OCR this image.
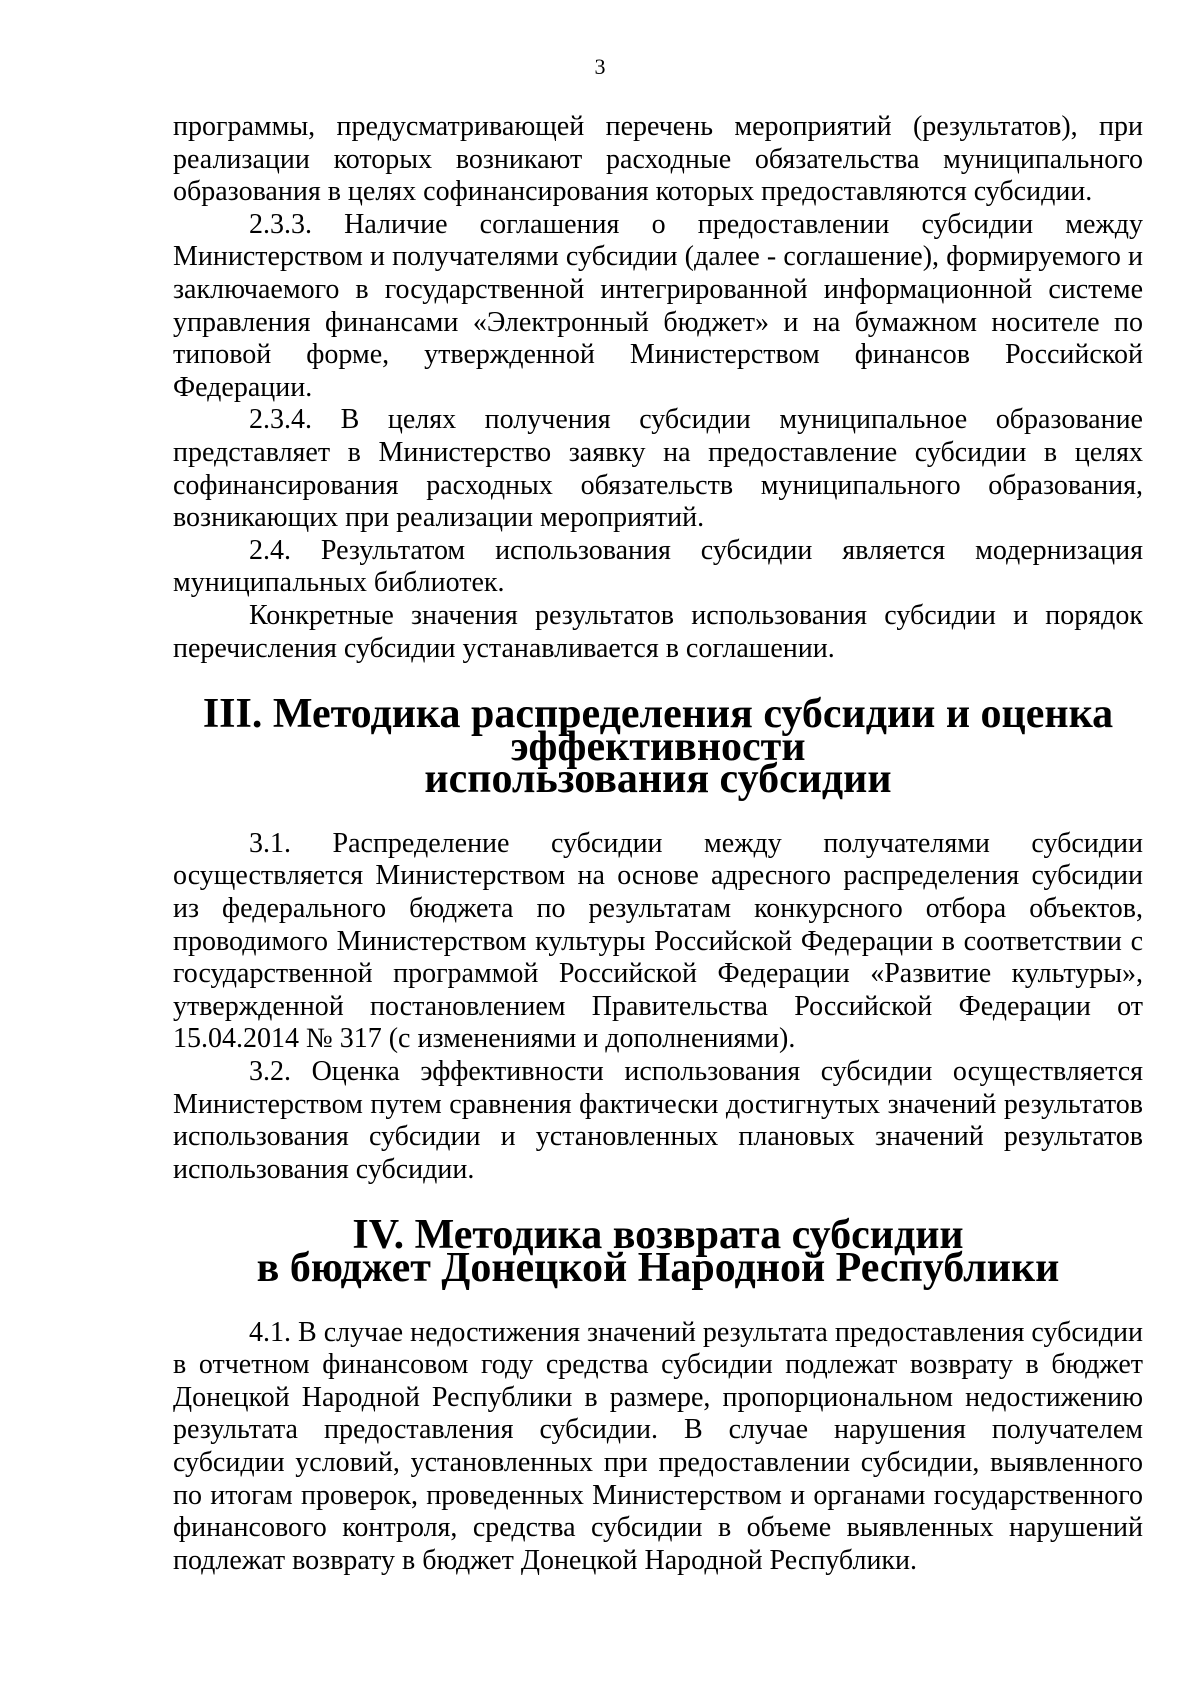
3

программы, предусматривающей перечень мероприятий (результатов), при реализации которых возникают расходные обязательства муниципального образования в целях софинансирования которых предоставляются субсидии.

2.3.3. Наличие соглашения о предоставлении субсидии между Министерством и получателями субсидии (далее - соглашение), формируемого и заключаемого в государственной интегрированной информационной системе управления финансами «Электронный бюджет» и на бумажном носителе по типовой форме, утвержденной Министерством финансов Российской Федерации.

2.3.4. В целях получения субсидии муниципальное образование представляет в Министерство заявку на предоставление субсидии в целях софинансирования расходных обязательств муниципального образования, возникающих при реализации мероприятий.

2.4. Результатом использования субсидии является модернизация муниципальных библиотек.

Конкретные значения результатов использования субсидии и порядок перечисления субсидии устанавливается в соглашении.

III. Методика распределения субсидии и оценка эффективности
использования субсидии

3.1. Распределение субсидии между получателями субсидии осуществляется Министерством на основе адресного распределения субсидии из федерального бюджета по результатам конкурсного отбора объектов, проводимого Министерством культуры Российской Федерации в соответствии с государственной программой Российской Федерации «Развитие культуры», утвержденной постановлением Правительства Российской Федерации от 15.04.2014 № 317 (с изменениями и дополнениями).

3.2. Оценка эффективности использования субсидии осуществляется Министерством путем сравнения фактически достигнутых значений результатов использования субсидии и установленных плановых значений результатов использования субсидии.

IV. Методика возврата субсидии
в бюджет Донецкой Народной Республики

4.1. В случае недостижения значений результата предоставления субсидии в отчетном финансовом году средства субсидии подлежат возврату в бюджет Донецкой Народной Республики в размере, пропорциональном недостижению результата предоставления субсидии. В случае нарушения получателем субсидии условий, установленных при предоставлении субсидии, выявленного по итогам проверок, проведенных Министерством и органами государственного финансового контроля, средства субсидии в объеме выявленных нарушений подлежат возврату в бюджет Донецкой Народной Республики.
